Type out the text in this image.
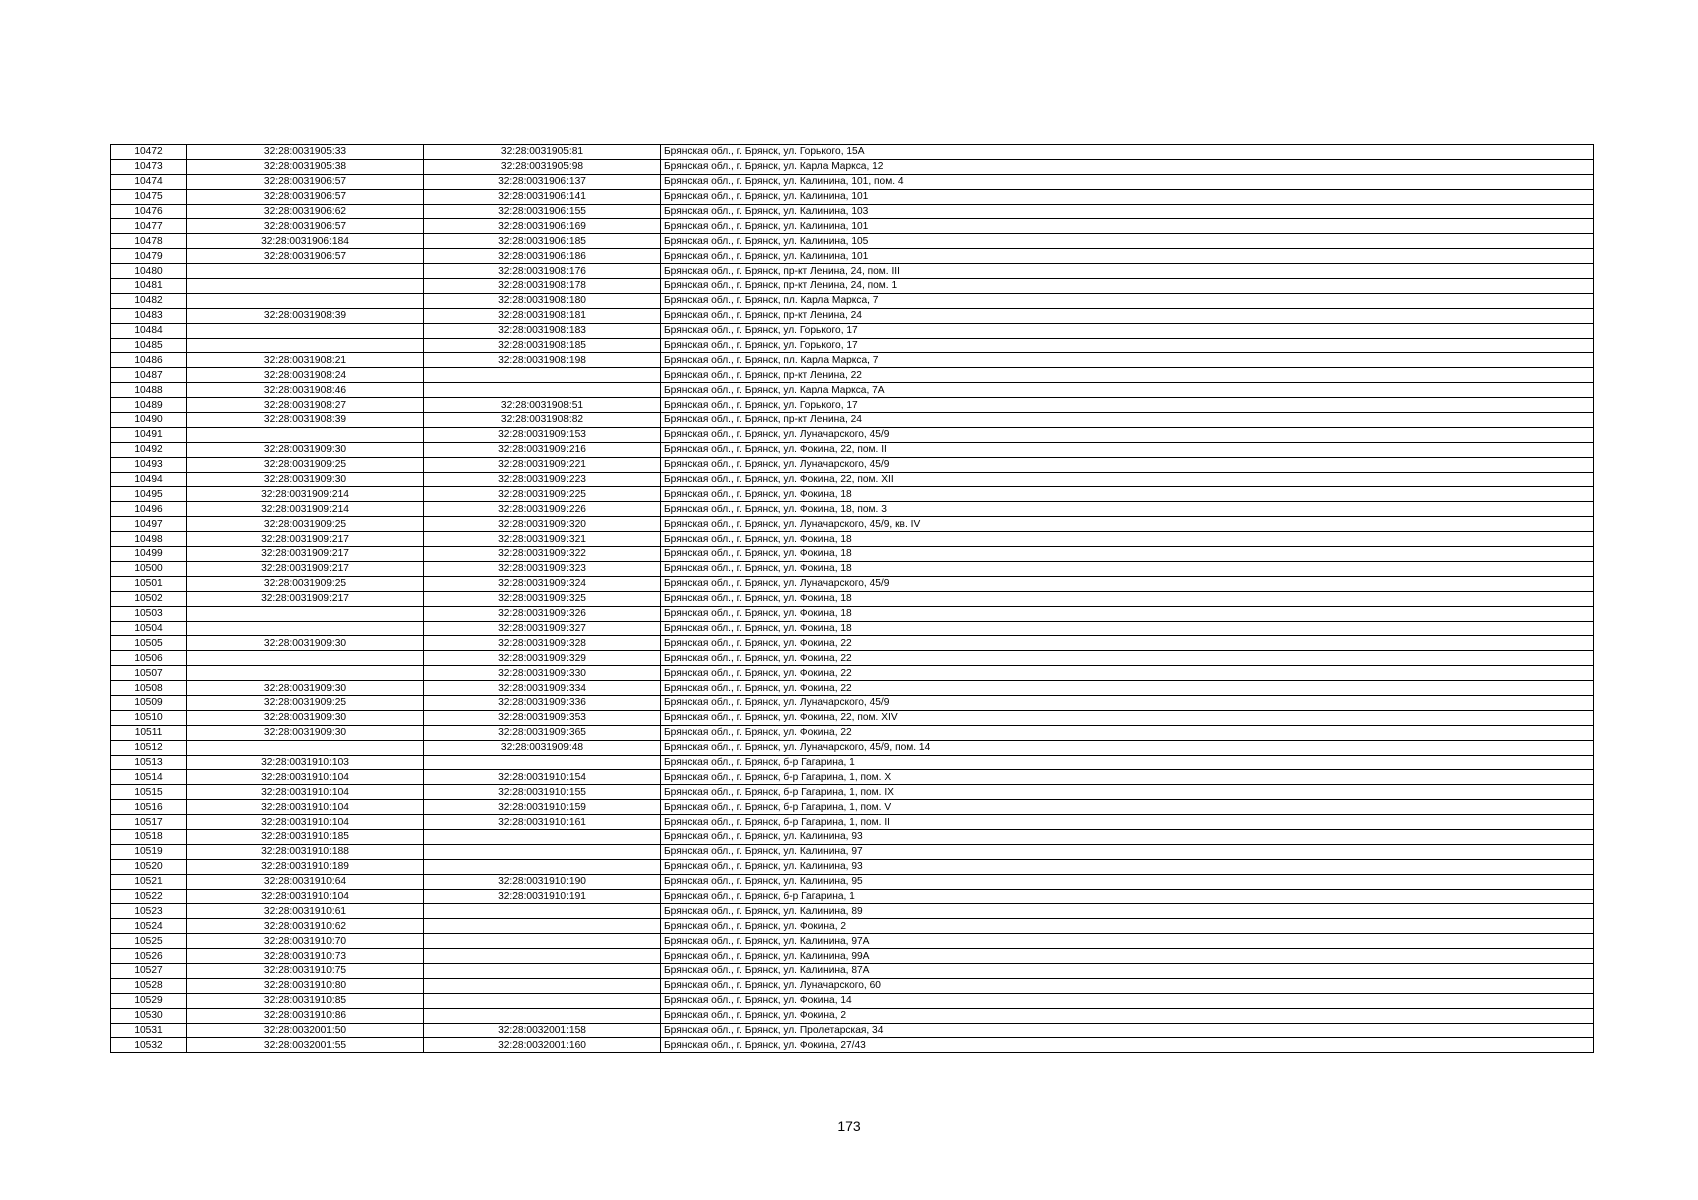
10472	32:28:0031905:33	32:28:0031905:81	Брянская обл., г. Брянск, ул. Горького, 15А
10473	32:28:0031905:38	32:28:0031905:98	Брянская обл., г. Брянск, ул. Карла Маркса, 12
10474	32:28:0031906:57	32:28:0031906:137	Брянская обл., г. Брянск, ул. Калинина, 101, пом. 4
10475	32:28:0031906:57	32:28:0031906:141	Брянская обл., г. Брянск, ул. Калинина, 101
10476	32:28:0031906:62	32:28:0031906:155	Брянская обл., г. Брянск, ул. Калинина, 103
10477	32:28:0031906:57	32:28:0031906:169	Брянская обл., г. Брянск, ул. Калинина, 101
10478	32:28:0031906:184	32:28:0031906:185	Брянская обл., г. Брянск, ул. Калинина, 105
10479	32:28:0031906:57	32:28:0031906:186	Брянская обл., г. Брянск, ул. Калинина, 101
10480		32:28:0031908:176	Брянская обл., г. Брянск, пр-кт Ленина, 24, пом. III
10481		32:28:0031908:178	Брянская обл., г. Брянск, пр-кт Ленина, 24, пом. 1
10482		32:28:0031908:180	Брянская обл., г. Брянск, пл. Карла Маркса, 7
10483	32:28:0031908:39	32:28:0031908:181	Брянская обл., г. Брянск, пр-кт Ленина, 24
10484		32:28:0031908:183	Брянская обл., г. Брянск, ул. Горького, 17
10485		32:28:0031908:185	Брянская обл., г. Брянск, ул. Горького, 17
10486	32:28:0031908:21	32:28:0031908:198	Брянская обл., г. Брянск, пл. Карла Маркса, 7
10487	32:28:0031908:24		Брянская обл., г. Брянск, пр-кт Ленина, 22
10488	32:28:0031908:46		Брянская обл., г. Брянск, ул. Карла Маркса, 7А
10489	32:28:0031908:27	32:28:0031908:51	Брянская обл., г. Брянск, ул. Горького, 17
10490	32:28:0031908:39	32:28:0031908:82	Брянская обл., г. Брянск, пр-кт Ленина, 24
10491		32:28:0031909:153	Брянская обл., г. Брянск, ул. Луначарского, 45/9
10492	32:28:0031909:30	32:28:0031909:216	Брянская обл., г. Брянск, ул. Фокина, 22, пом. II
10493	32:28:0031909:25	32:28:0031909:221	Брянская обл., г. Брянск, ул. Луначарского, 45/9
10494	32:28:0031909:30	32:28:0031909:223	Брянская обл., г. Брянск, ул. Фокина, 22, пом. XII
10495	32:28:0031909:214	32:28:0031909:225	Брянская обл., г. Брянск, ул. Фокина, 18
10496	32:28:0031909:214	32:28:0031909:226	Брянская обл., г. Брянск, ул. Фокина, 18, пом. 3
10497	32:28:0031909:25	32:28:0031909:320	Брянская обл., г. Брянск, ул. Луначарского, 45/9, кв. IV
10498	32:28:0031909:217	32:28:0031909:321	Брянская обл., г. Брянск, ул. Фокина, 18
10499	32:28:0031909:217	32:28:0031909:322	Брянская обл., г. Брянск, ул. Фокина, 18
10500	32:28:0031909:217	32:28:0031909:323	Брянская обл., г. Брянск, ул. Фокина, 18
10501	32:28:0031909:25	32:28:0031909:324	Брянская обл., г. Брянск, ул. Луначарского, 45/9
10502	32:28:0031909:217	32:28:0031909:325	Брянская обл., г. Брянск, ул. Фокина, 18
10503		32:28:0031909:326	Брянская обл., г. Брянск, ул. Фокина, 18
10504		32:28:0031909:327	Брянская обл., г. Брянск, ул. Фокина, 18
10505	32:28:0031909:30	32:28:0031909:328	Брянская обл., г. Брянск, ул. Фокина, 22
10506		32:28:0031909:329	Брянская обл., г. Брянск, ул. Фокина, 22
10507		32:28:0031909:330	Брянская обл., г. Брянск, ул. Фокина, 22
10508	32:28:0031909:30	32:28:0031909:334	Брянская обл., г. Брянск, ул. Фокина, 22
10509	32:28:0031909:25	32:28:0031909:336	Брянская обл., г. Брянск, ул. Луначарского, 45/9
10510	32:28:0031909:30	32:28:0031909:353	Брянская обл., г. Брянск, ул. Фокина, 22, пом. XIV
10511	32:28:0031909:30	32:28:0031909:365	Брянская обл., г. Брянск, ул. Фокина, 22
10512		32:28:0031909:48	Брянская обл., г. Брянск, ул. Луначарского, 45/9, пом. 14
10513	32:28:0031910:103		Брянская обл., г. Брянск, б-р Гагарина, 1
10514	32:28:0031910:104	32:28:0031910:154	Брянская обл., г. Брянск, б-р Гагарина, 1, пом. X
10515	32:28:0031910:104	32:28:0031910:155	Брянская обл., г. Брянск, б-р Гагарина, 1, пом. IX
10516	32:28:0031910:104	32:28:0031910:159	Брянская обл., г. Брянск, б-р Гагарина, 1, пом. V
10517	32:28:0031910:104	32:28:0031910:161	Брянская обл., г. Брянск, б-р Гагарина, 1, пом. II
10518	32:28:0031910:185		Брянская обл., г. Брянск, ул. Калинина, 93
10519	32:28:0031910:188		Брянская обл., г. Брянск, ул. Калинина, 97
10520	32:28:0031910:189		Брянская обл., г. Брянск, ул. Калинина, 93
10521	32:28:0031910:64	32:28:0031910:190	Брянская обл., г. Брянск, ул. Калинина, 95
10522	32:28:0031910:104	32:28:0031910:191	Брянская обл., г. Брянск, б-р Гагарина, 1
10523	32:28:0031910:61		Брянская обл., г. Брянск, ул. Калинина, 89
10524	32:28:0031910:62		Брянская обл., г. Брянск, ул. Фокина, 2
10525	32:28:0031910:70		Брянская обл., г. Брянск, ул. Калинина, 97А
10526	32:28:0031910:73		Брянская обл., г. Брянск, ул. Калинина, 99А
10527	32:28:0031910:75		Брянская обл., г. Брянск, ул. Калинина, 87А
10528	32:28:0031910:80		Брянская обл., г. Брянск, ул. Луначарского, 60
10529	32:28:0031910:85		Брянская обл., г. Брянск, ул. Фокина, 14
10530	32:28:0031910:86		Брянская обл., г. Брянск, ул. Фокина, 2
10531	32:28:0032001:50	32:28:0032001:158	Брянская обл., г. Брянск, ул. Пролетарская, 34
10532	32:28:0032001:55	32:28:0032001:160	Брянская обл., г. Брянск, ул. Фокина, 27/43
173
